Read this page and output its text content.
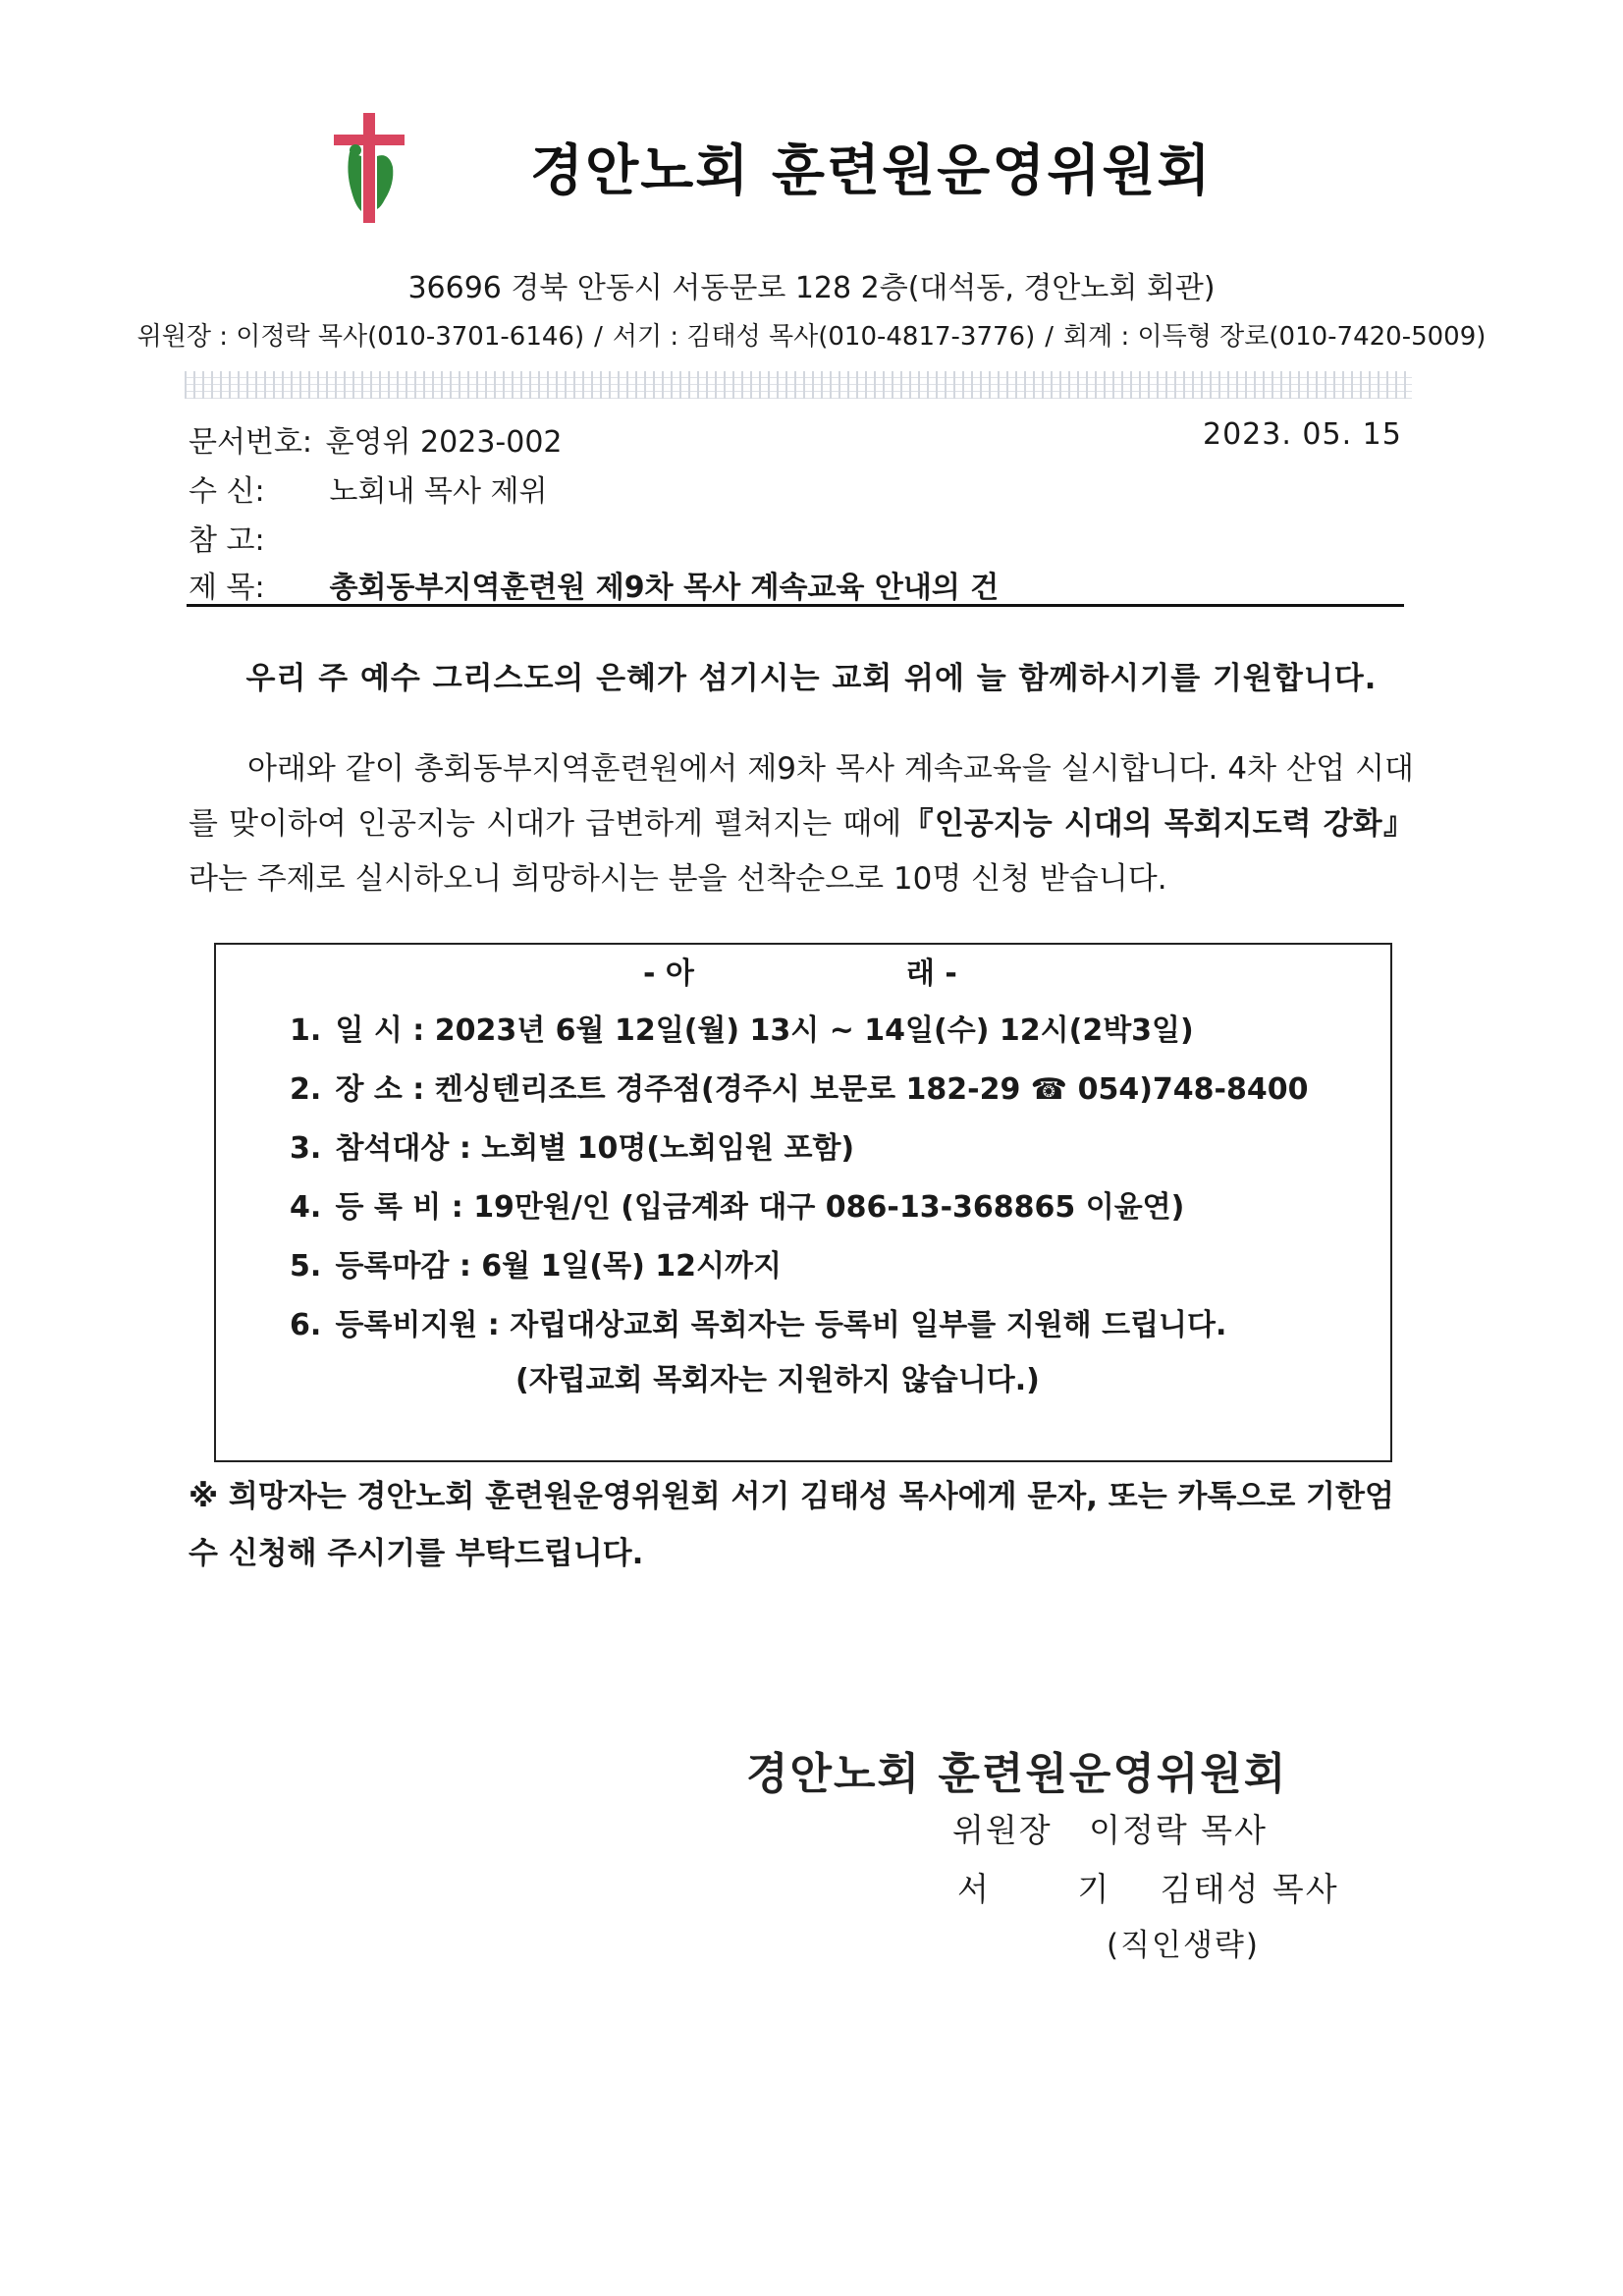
경안노회 훈련원운영위원회
36696 경북 안동시 서동문로 128 2층(대석동, 경안노회 회관)
위원장 : 이정락 목사(010-3701-6146) / 서기 : 김태성 목사(010-4817-3776) / 회계 : 이득형 장로(010-7420-5009)
문서번호: 훈영위 2023-002	2023. 05. 15
수 신: 노회내 목사 제위
참 고:
제 목: 총회동부지역훈련원 제9차 목사 계속교육 안내의 건
우리 주 예수 그리스도의 은혜가 섬기시는 교회 위에 늘 함께하시기를 기원합니다.
아래와 같이 총회동부지역훈련원에서 제9차 목사 계속교육을 실시합니다. 4차 산업 시대를 맞이하여 인공지능 시대가 급변하게 펼쳐지는 때에『인공지능 시대의 목회지도력 강화』라는 주제로 실시하오니 희망하시는 분을 선착순으로 10명 신청 받습니다.
- 아	래 -
1. 일 시 : 2023년 6월 12일(월) 13시 ~ 14일(수) 12시(2박3일)
2. 장 소 : 켄싱텐리조트 경주점(경주시 보문로 182-29 ☎ 054)748-8400
3. 참석대상 : 노회별 10명(노회임원 포함)
4. 등 록 비 : 19만원/인 (입금계좌 대구 086-13-368865 이윤연)
5. 등록마감 : 6월 1일(목) 12시까지
6. 등록비지원 : 자립대상교회 목회자는 등록비 일부를 지원해 드립니다.
(자립교회 목회자는 지원하지 않습니다.)
※ 희망자는 경안노회 훈련원운영위원회 서기 김태성 목사에게 문자, 또는 카톡으로 기한엄수 신청해 주시기를 부탁드립니다.
경안노회 훈련원운영위원회
위원장 이정락 목사
서 기 김태성 목사
(직인생략)
